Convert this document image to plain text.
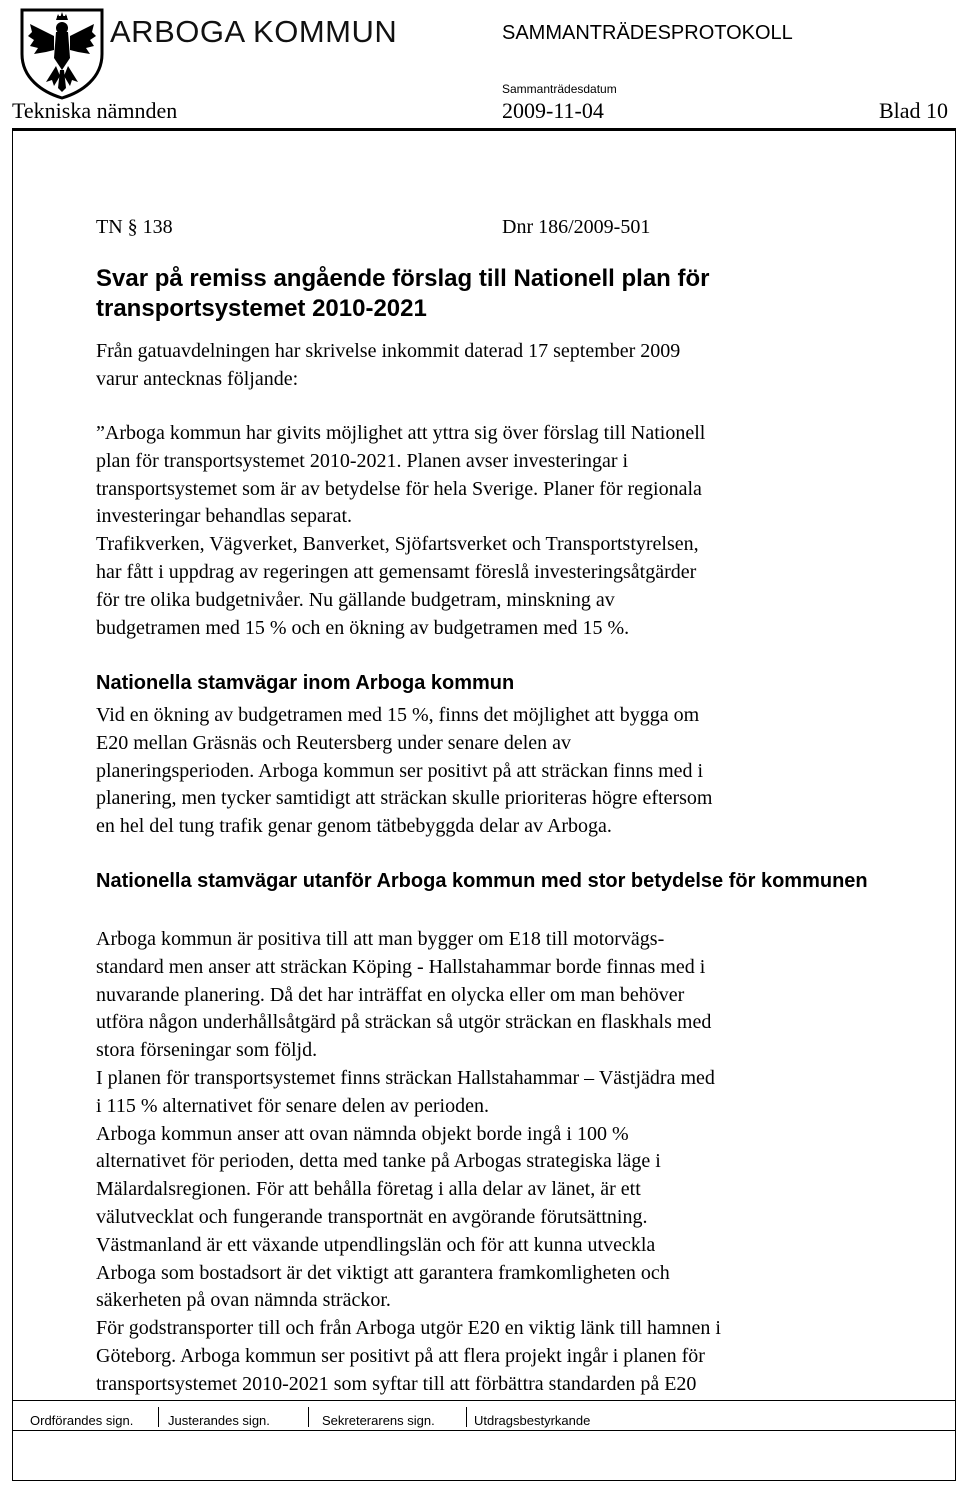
ARBOGA KOMMUN	SAMMANTRÄDESPROTOKOLL
Sammanträdesdatum
Tekniska nämnden	2009-11-04	Blad 10
TN § 138	Dnr 186/2009-501
Svar på remiss angående förslag till Nationell plan för transportsystemet 2010-2021

Från gatuavdelningen har skrivelse inkommit daterad 17 september 2009
varur antecknas följande:

”Arboga kommun har givits möjlighet att yttra sig över förslag till Nationell
plan för transportsystemet 2010-2021. Planen avser investeringar i
transportsystemet som är av betydelse för hela Sverige. Planer för regionala
investeringar behandlas separat.
Trafikverken, Vägverket, Banverket, Sjöfartsverket och Transportstyrelsen,
har fått i uppdrag av regeringen att gemensamt föreslå investeringsåtgärder
för tre olika budgetnivåer. Nu gällande budgetram, minskning av
budgetramen med 15 % och en ökning av budgetramen med 15 %.

Nationella stamvägar inom Arboga kommun

Vid en ökning av budgetramen med 15 %, finns det möjlighet att bygga om
E20 mellan Gräsnäs och Reutersberg under senare delen av
planeringsperioden. Arboga kommun ser positivt på att sträckan finns med i
planering, men tycker samtidigt att sträckan skulle prioriteras högre eftersom
en hel del tung trafik genar genom tätbebyggda delar av Arboga.

Nationella stamvägar utanför Arboga kommun med stor betydelse för kommunen

Arboga kommun är positiva till att man bygger om E18 till motorvägs-
standard men anser att sträckan Köping - Hallstahammar borde finnas med i
nuvarande planering. Då det har inträffat en olycka eller om man behöver
utföra någon underhållsåtgärd på sträckan så utgör sträckan en flaskhals med
stora förseningar som följd.
I planen för transportsystemet finns sträckan Hallstahammar – Västjädra med
i 115 % alternativet för senare delen av perioden.
Arboga kommun anser att ovan nämnda objekt borde ingå i 100 %
alternativet för perioden, detta med tanke på Arbogas strategiska läge i
Mälardalsregionen. För att behålla företag i alla delar av länet, är ett
välutvecklat och fungerande transportnät en avgörande förutsättning.
Västmanland är ett växande utpendlingslän och för att kunna utveckla
Arboga som bostadsort är det viktigt att garantera framkomligheten och
säkerheten på ovan nämnda sträckor.
För godstransporter till och från Arboga utgör E20 en viktig länk till hamnen i
Göteborg. Arboga kommun ser positivt på att flera projekt ingår i planen för
transportsystemet 2010-2021 som syftar till att förbättra standarden på E20

Ordförandes sign.	Justerandes sign.	Sekreterarens sign.	Utdragsbestyrkande
